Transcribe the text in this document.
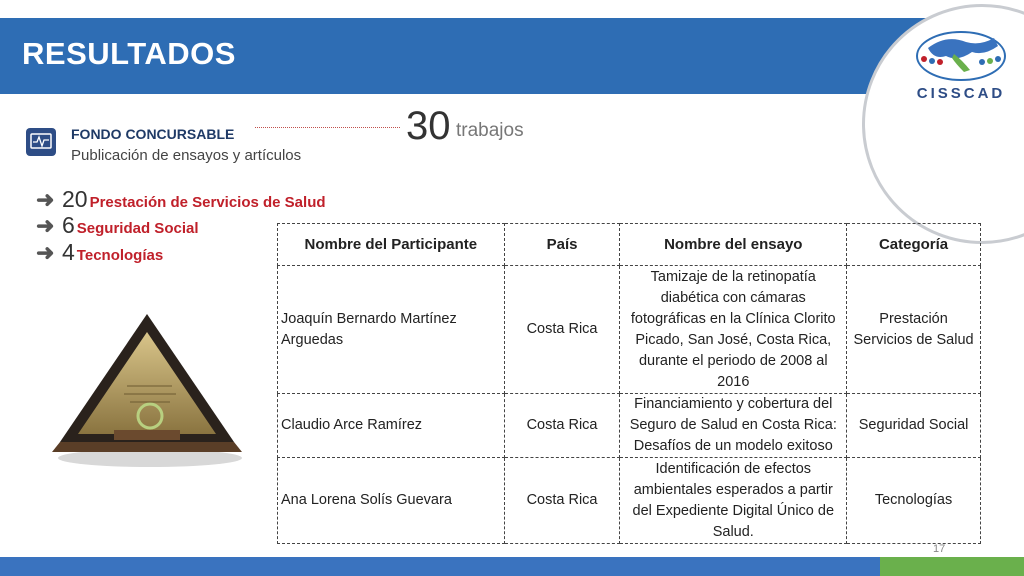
RESULTADOS
CISSCAD
FONDO CONCURSABLE
Publicación de ensayos y artículos
30 trabajos
➜ 20 Prestación de Servicios de Salud
➜ 6 Seguridad Social
➜ 4 Tecnologías
Nombre del Participante	País	Nombre del ensayo	Categoría
Joaquín Bernardo Martínez Arguedas	Costa Rica	Tamizaje de la retinopatía diabética con cámaras fotográficas en la Clínica Clorito Picado, San José, Costa Rica, durante el periodo de 2008 al 2016	Prestación Servicios de Salud
Claudio Arce Ramírez	Costa Rica	Financiamiento y cobertura del Seguro de Salud en Costa Rica: Desafíos de un modelo exitoso	Seguridad Social
Ana Lorena Solís Guevara	Costa Rica	Identificación de efectos ambientales esperados a partir del Expediente Digital Único de Salud.	Tecnologías
17
